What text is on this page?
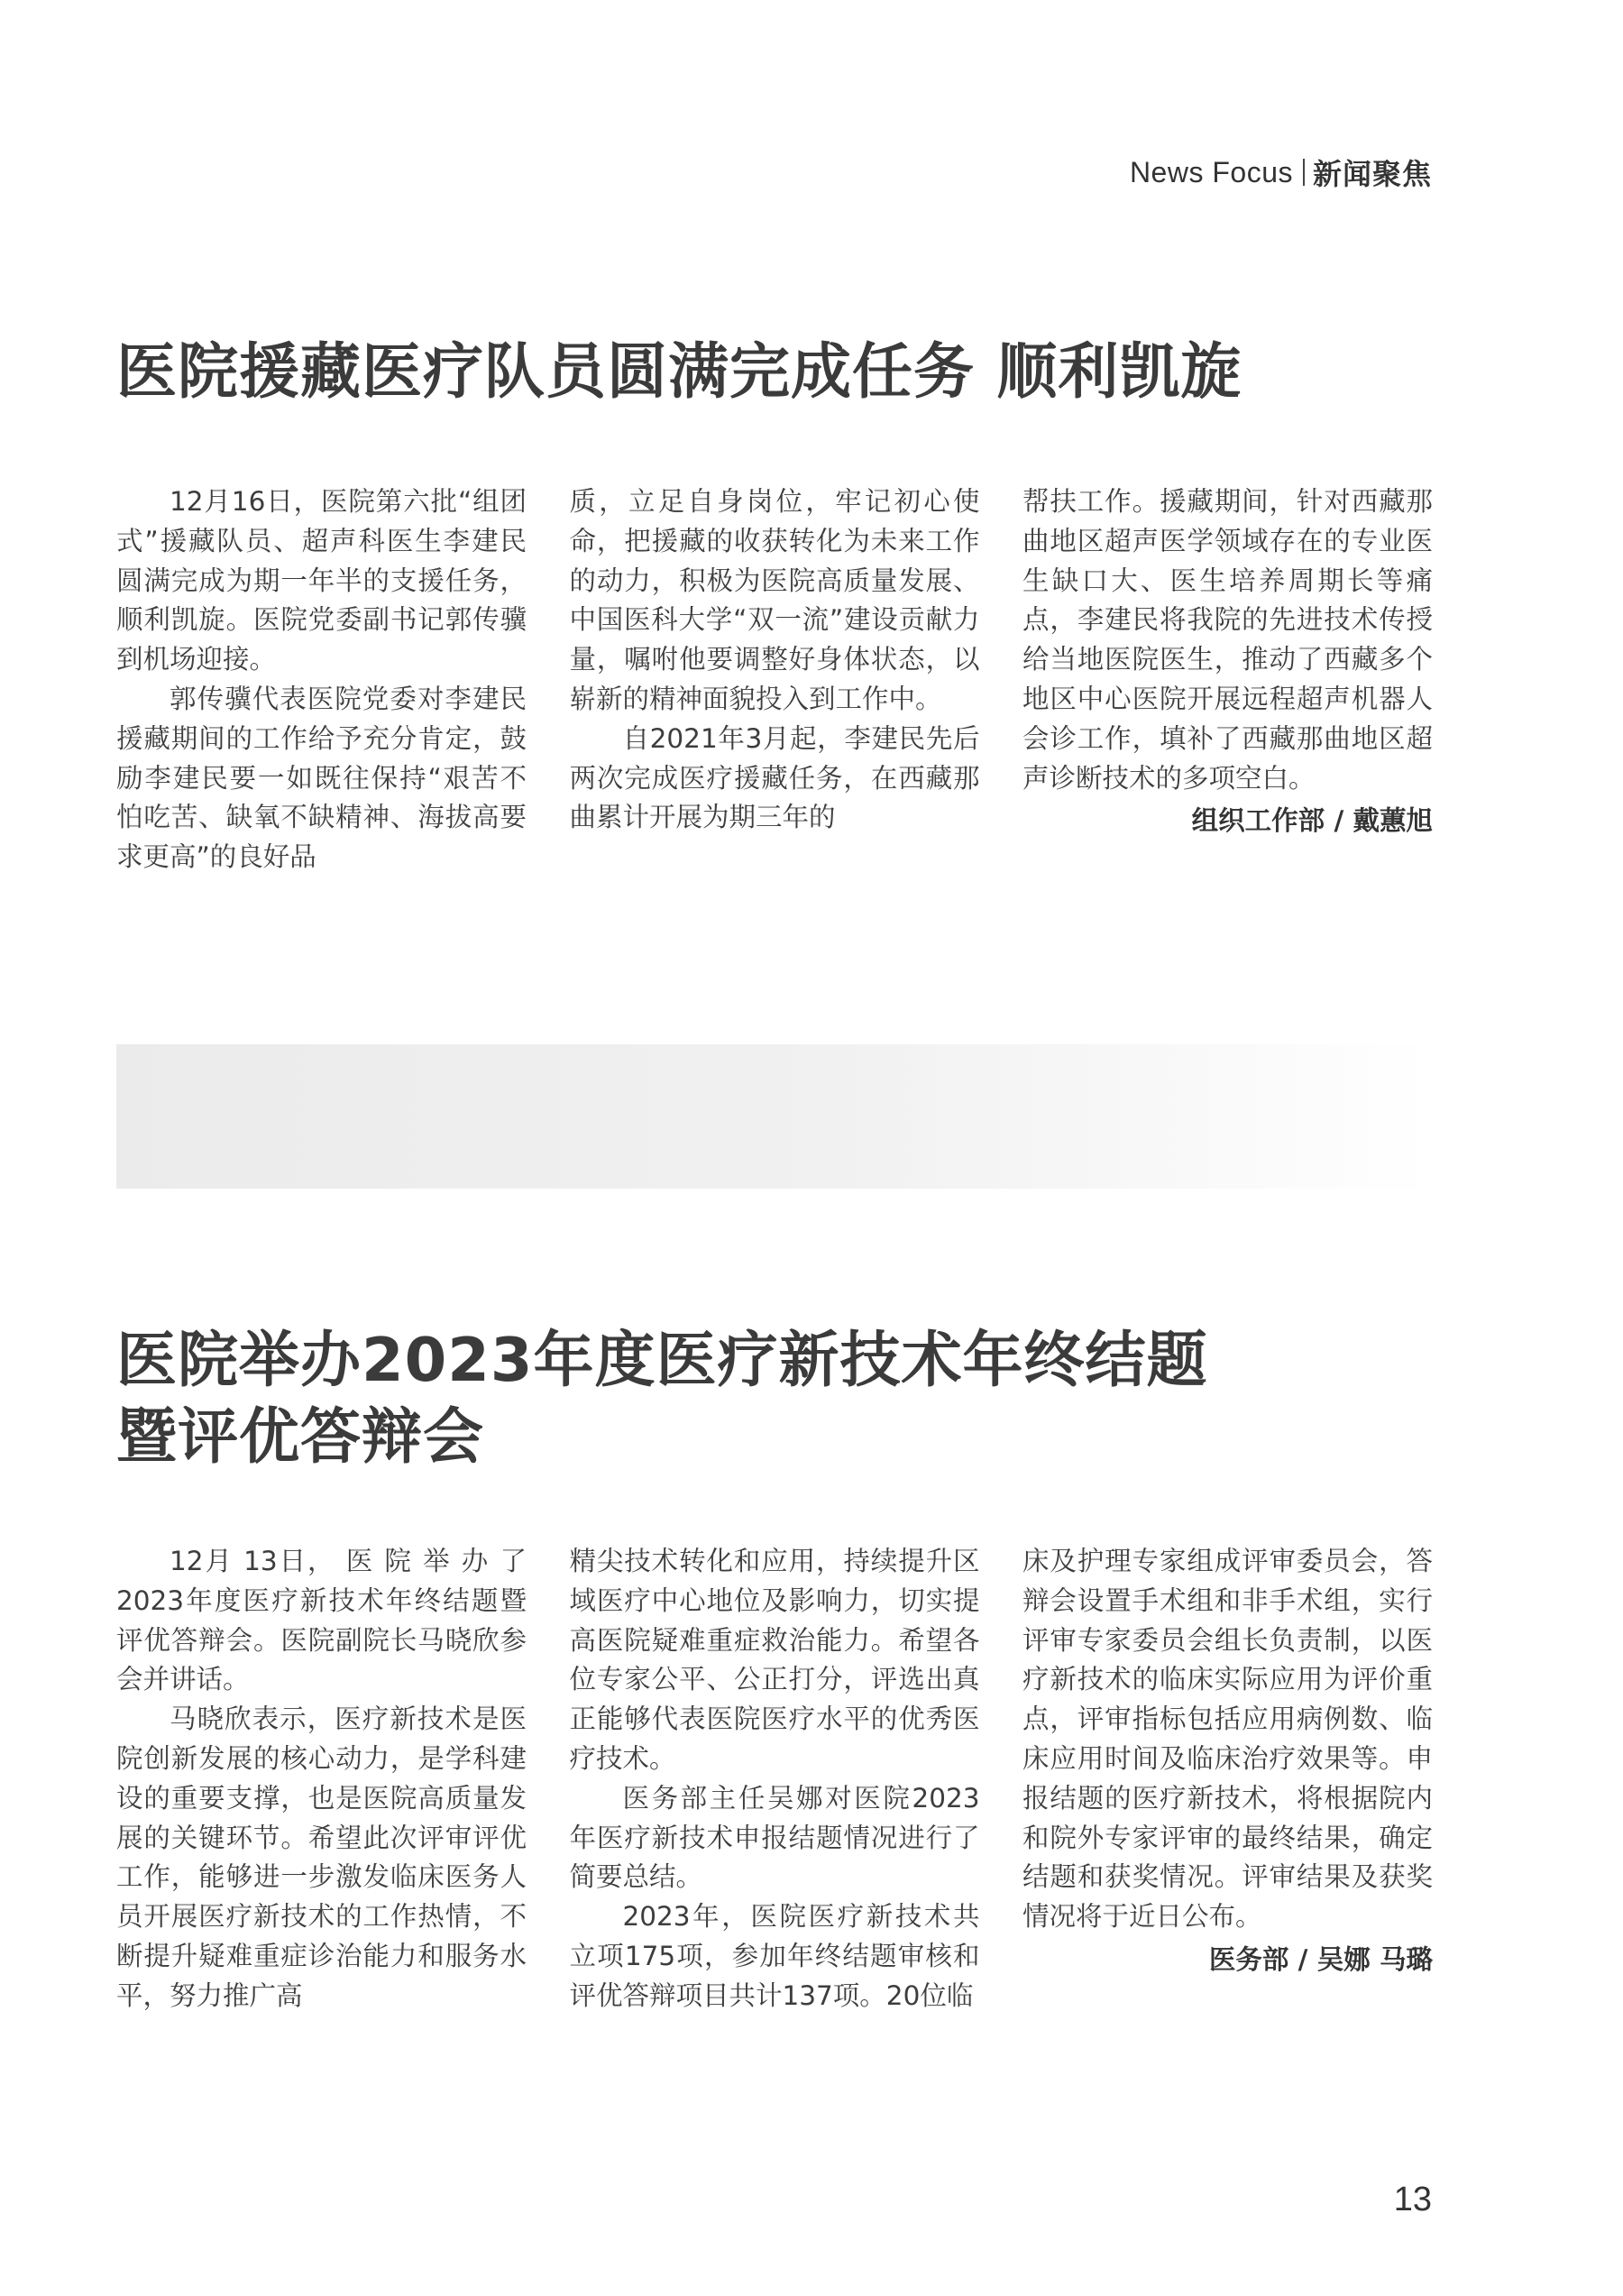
News Focus 新闻聚焦
医院援藏医疗队员圆满完成任务 顺利凯旋

12月16日，医院第六批“组团式”援藏队员、超声科医生李建民圆满完成为期一年半的支援任务，顺利凯旋。医院党委副书记郭传骥到机场迎接。

郭传骥代表医院党委对李建民援藏期间的工作给予充分肯定，鼓励李建民要一如既往保持“艰苦不怕吃苦、缺氧不缺精神、海拔高要求更高”的良好品

质，立足自身岗位，牢记初心使命，把援藏的收获转化为未来工作的动力，积极为医院高质量发展、中国医科大学“双一流”建设贡献力量，嘱咐他要调整好身体状态，以崭新的精神面貌投入到工作中。

自2021年3月起，李建民先后两次完成医疗援藏任务，在西藏那曲累计开展为期三年的

帮扶工作。援藏期间，针对西藏那曲地区超声医学领域存在的专业医生缺口大、医生培养周期长等痛点，李建民将我院的先进技术传授给当地医院医生，推动了西藏多个地区中心医院开展远程超声机器人会诊工作，填补了西藏那曲地区超声诊断技术的多项空白。

组织工作部 / 戴蕙旭

医院举办2023年度医疗新技术年终结题
暨评优答辩会

12月 13日， 医 院 举 办 了 2023年度医疗新技术年终结题暨评优答辩会。医院副院长马晓欣参会并讲话。

马晓欣表示，医疗新技术是医院创新发展的核心动力，是学科建设的重要支撑，也是医院高质量发展的关键环节。希望此次评审评优工作，能够进一步激发临床医务人员开展医疗新技术的工作热情，不断提升疑难重症诊治能力和服务水平，努力推广高

精尖技术转化和应用，持续提升区域医疗中心地位及影响力，切实提高医院疑难重症救治能力。希望各位专家公平、公正打分，评选出真正能够代表医院医疗水平的优秀医疗技术。

医务部主任吴娜对医院2023年医疗新技术申报结题情况进行了简要总结。

2023年，医院医疗新技术共立项175项，参加年终结题审核和评优答辩项目共计137项。20位临

床及护理专家组成评审委员会，答辩会设置手术组和非手术组，实行评审专家委员会组长负责制，以医疗新技术的临床实际应用为评价重点，评审指标包括应用病例数、临床应用时间及临床治疗效果等。申报结题的医疗新技术，将根据院内和院外专家评审的最终结果，确定结题和获奖情况。评审结果及获奖情况将于近日公布。

医务部 / 吴娜 马璐

13
